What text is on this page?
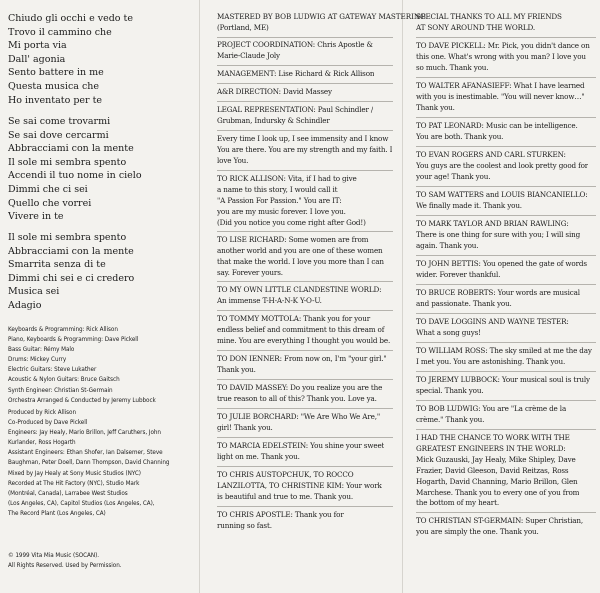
Chiudo gli occhi e vedo te
Trovo il cammino che
Mi porta via
Dall' agonia
Sento battere in me
Questa musica che
Ho inventato per te
Se sai come trovarmi
Se sai dove cercarmi
Abbracciami con la mente
Il sole mi sembra spento
Accendi il tuo nome in cielo
Dimmi che ci sei
Quello che vorrei
Vivere in te
Il sole mi sembra spento
Abbracciami con la mente
Smarrita senza di te
Dimmi chi sei e ci credero
Musica sei
Adagio
Keyboards & Programming: Rick Allison
Piano, Keyboards & Programming: Dave Pickell
Bass Guitar: Rémy Malo
Drums: Mickey Curry
Electric Guitars: Steve Lukather
Acoustic & Nylon Guitars: Bruce Gaitsch
Synth Engineer: Christian St-Germain
Orchestra Arranged & Conducted by Jeremy Lubbock
Produced by Rick Allison
Co-Produced by Dave Pickell
Engineers: Jay Healy, Mario Brillon, Jeff Caruthers, John
Kurlander, Ross Hogarth
Assistant Engineers: Ethan Shofer, Ian Dalsemer, Steve
Baughman, Peter Doell, Dann Thompson, David Channing
Mixed by Jay Healy at Sony Music Studios (NYC)
Recorded at The Hit Factory (NYC), Studio Mark
(Montréal, Canada), Larrabee West Studios
(Los Angeles, CA), Capitol Studios (Los Angeles, CA),
The Record Plant (Los Angeles, CA)
© 1999 Vita Mia Music (SOCAN).
All Rights Reserved. Used by Permission.
MASTERED BY BOB LUDWIG AT GATEWAY MASTERING
(Portland, ME)
PROJECT COORDINATION: Chris Apostle &
Marie-Claude Joly
MANAGEMENT: Lise Richard & Rick Allison
A&R DIRECTION: David Massey
LEGAL REPRESENTATION: Paul Schindler /
Grubman, Indursky & Schindler
Every time I look up, I see immensity and I know
You are there. You are my strength and my faith. I
love You.
TO RICK ALLISON: Vita, if I had to give
a name to this story, I would call it
"A Passion For Passion." You are IT:
you are my music forever. I love you.
(Did you notice you come right after God!)
TO LISE RICHARD: Some women are from
another world and you are one of these women
that make the world. I love you more than I can
say. Forever yours.
TO MY OWN LITTLE CLANDESTINE WORLD:
An immense T-H-A-N-K Y-O-U.
TO TOMMY MOTTOLA: Thank you for your
endless belief and commitment to this dream of
mine. You are everything I thought you would be.
TO DON IENNER: From now on, I'm "your girl."
Thank you.
TO DAVID MASSEY: Do you realize you are the
true reason to all of this? Thank you. Love ya.
TO JULIE BORCHARD: "We Are Who We Are,"
girl! Thank you.
TO MARCIA EDELSTEIN: You shine your sweet
light on me. Thank you.
TO CHRIS AUSTOPCHUK, TO ROCCO
LANZILOTTA, TO CHRISTINE KIM: Your work
is beautiful and true to me. Thank you.
TO CHRIS APOSTLE: Thank you for
running so fast.
SPECIAL THANKS TO ALL MY FRIENDS
AT SONY AROUND THE WORLD.
TO DAVE PICKELL: Mr. Pick, you didn't dance on
this one. What's wrong with you man? I love you
so much. Thank you.
TO WALTER AFANASIEFF: What I have learned
with you is inestimable. "You will never know…"
Thank you.
TO PAT LEONARD: Music can be intelligence.
You are both. Thank you.
TO EVAN ROGERS AND CARL STURKEN:
You guys are the coolest and look pretty good for
your age! Thank you.
TO SAM WATTERS and LOUIS BIANCANIELLO:
We finally made it. Thank you.
TO MARK TAYLOR AND BRIAN RAWLING:
There is one thing for sure with you; I will sing
again. Thank you.
TO JOHN BETTIS: You opened the gate of words
wider. Forever thankful.
TO BRUCE ROBERTS: Your words are musical
and passionate. Thank you.
TO DAVE LOGGINS AND WAYNE TESTER:
What a song guys!
TO WILLIAM ROSS: The sky smiled at me the day
I met you. You are astonishing. Thank you.
TO JEREMY LUBBOCK: Your musical soul is truly
special. Thank you.
TO BOB LUDWIG: You are "La crème de la
crème." Thank you.
I HAD THE CHANCE TO WORK WITH THE
GREATEST ENGINEERS IN THE WORLD:
Mick Guzauski, Jay Healy, Mike Shipley, Dave
Frazier, David Gleeson, David Reitzas, Ross
Hogarth, David Channing, Mario Brillon, Glen
Marchese. Thank you to every one of you from
the bottom of my heart.
TO CHRISTIAN ST-GERMAIN: Super Christian,
you are simply the one. Thank you.
